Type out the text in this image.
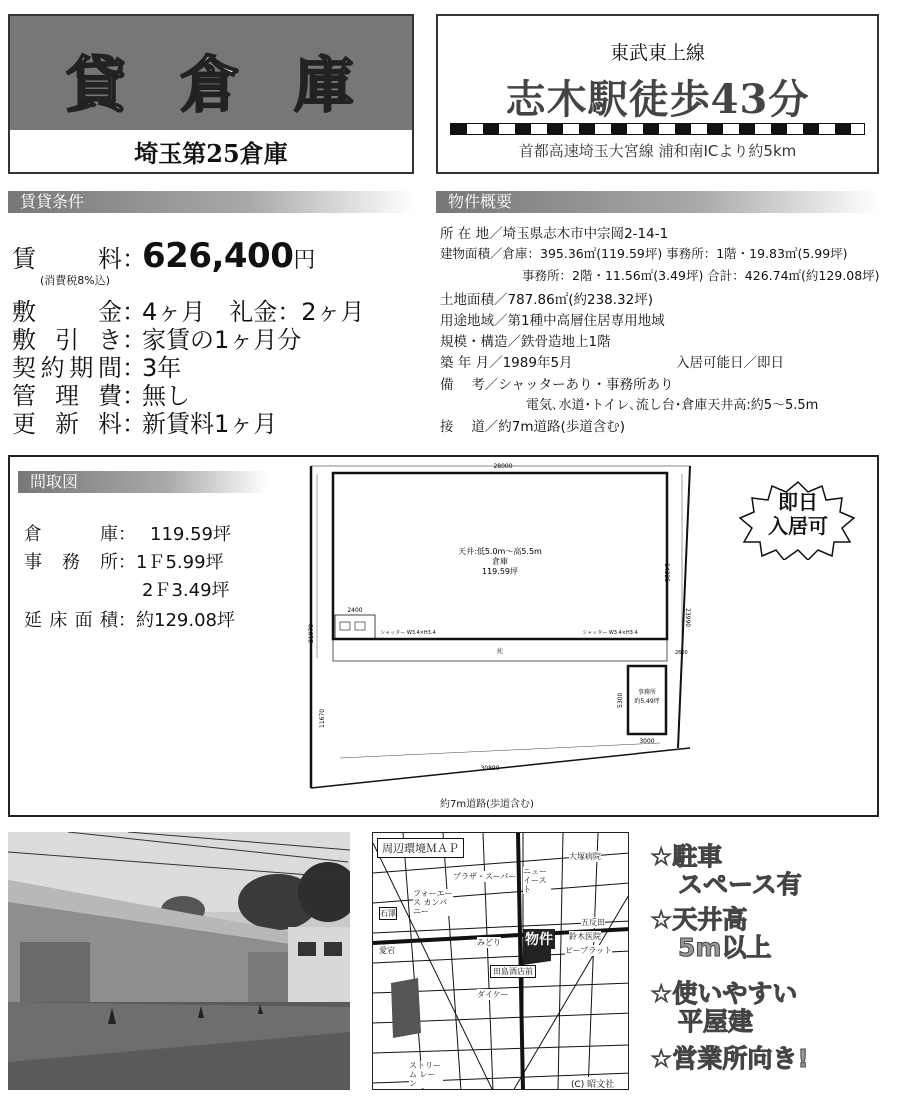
貸 倉 庫
埼玉第25倉庫
東武東上線
志木駅徒歩43分
首都高速埼玉大宮線 浦和南ICより約5km
賃貸条件
賃 料 ：
626,400 円
(消費税8%込)
敷 金 ：
4ヶ月　礼金：2ヶ月
敷引き ：
家賃の1ヶ月分
契約期間 ：
3年
管理費 ：
無し
更新料 ：
新賃料1ヶ月
物件概要
所 在 地／埼玉県志木市中宗岡2-14-1
建物面積／倉庫：395.36㎡(119.59坪) 事務所：1階・19.83㎡(5.99坪)
事務所：2階・11.56㎡(3.49坪) 合計：426.74㎡(約129.08坪)
土地面積／787.86㎡(約238.32坪)
用途地域／第1種中高層住居専用地域
規模・構造／鉄骨造地上1階
築 年 月／1989年5月	入居可能日／即日
備　 考／シャッターあり・事務所あり
電気､水道･トイレ､流し台･倉庫天井高:約5～5.5m
接　 道／約7m道路(歩道含む)
間取図
倉 庫 ： 119.59坪
事務所 ： 1Ｆ5.99坪
2Ｆ3.49坪
延床面積 ： 約129.08坪
28000
14325
23990
21970
11670
30890
3000
5300
2400
2600
天井:低5.0m～高5.5m
倉庫
119.59坪
事務所
約5.49坪
シャッター W3.4×H3.4	シャッター W3.4×H3.4
庇
約7m道路(歩道含む)
即日
入居可
周辺環境ＭＡＰ
物件
フォーエース カンパニー
プラザ・スーパー
ニュー イースト
大塚病院
みどり
鈴木医院
五反田
ピープラット
田島酒店前
ダイケー
ストリーム レーン
石澤
愛宕
(C) 昭文社
☆駐車
スペース有
☆天井高
5m以上
☆使いやすい
平屋建
☆営業所向き!
